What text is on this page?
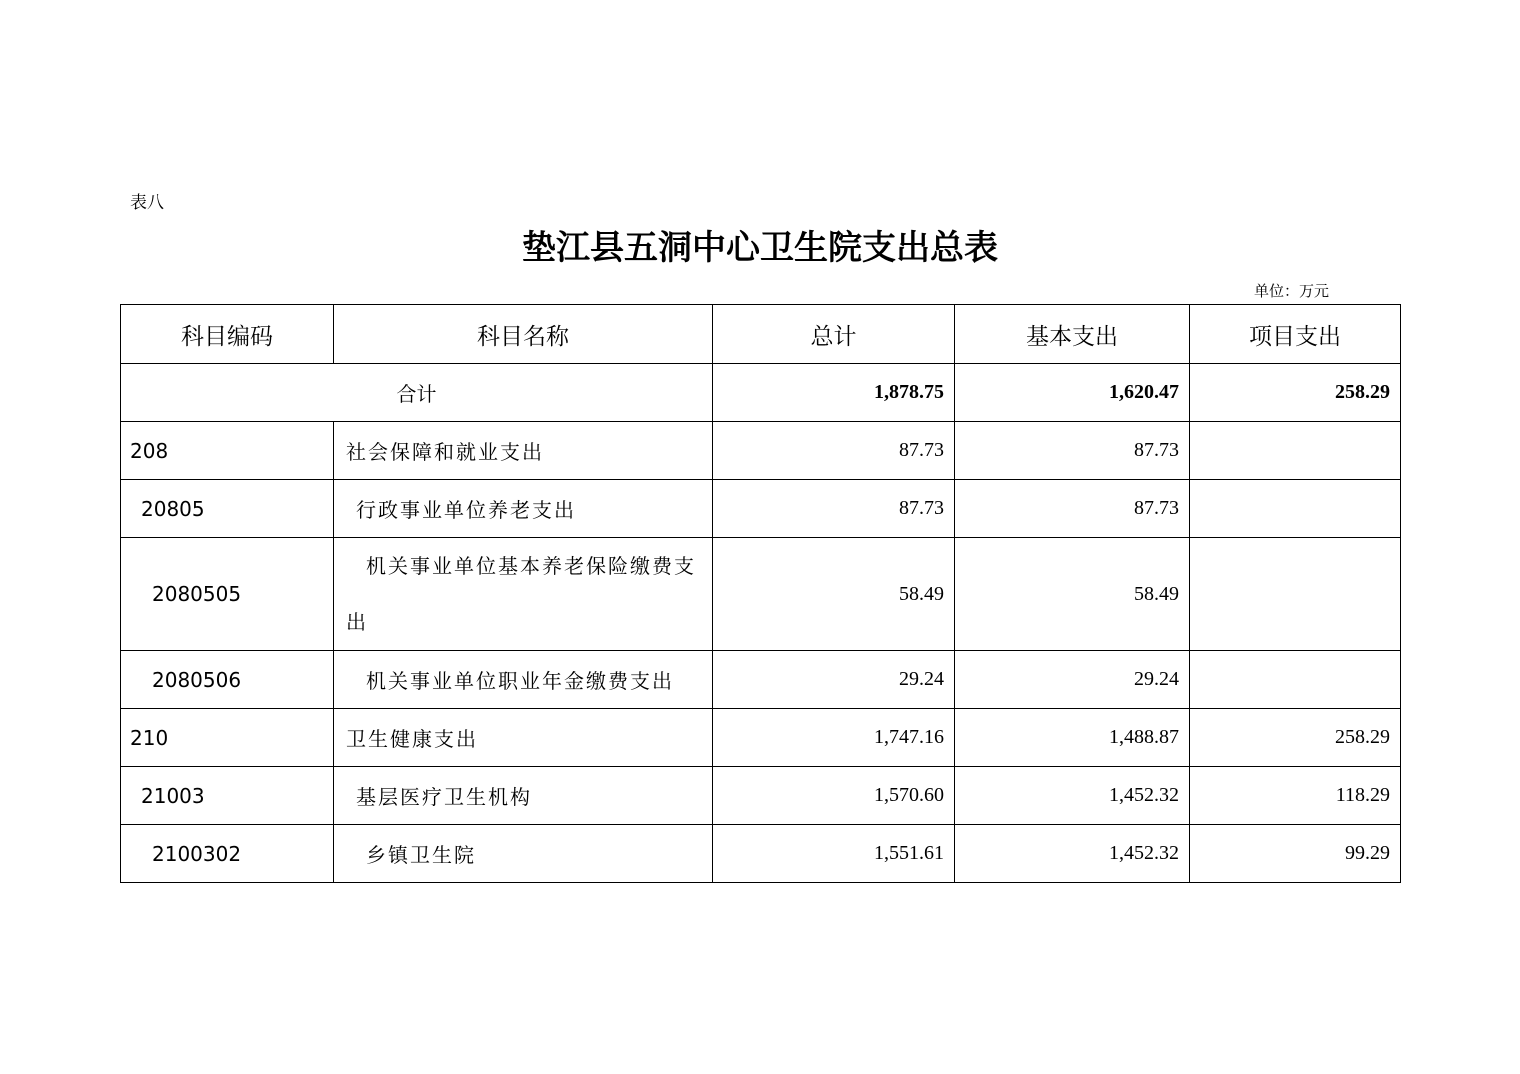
表八
垫江县五洞中心卫生院支出总表
单位：万元
科目编码	科目名称	总计	基本支出	项目支出
合计		1,878.75	1,620.47	258.29
208	社会保障和就业支出	87.73	87.73	
20805	行政事业单位养老支出	87.73	87.73	
2080505	机关事业单位基本养老保险缴费支出	58.49	58.49	
2080506	机关事业单位职业年金缴费支出	29.24	29.24	
210	卫生健康支出	1,747.16	1,488.87	258.29
21003	基层医疗卫生机构	1,570.60	1,452.32	118.29
2100302	乡镇卫生院	1,551.61	1,452.32	99.29
